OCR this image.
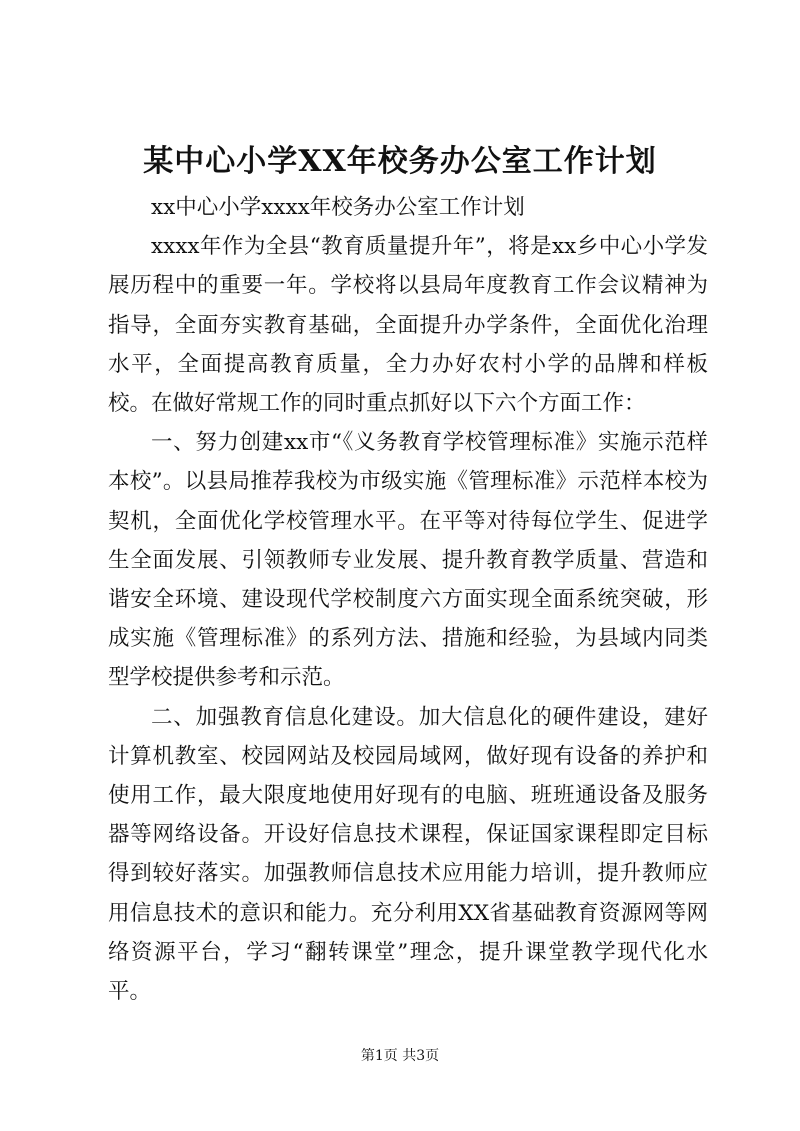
某中心小学XX年校务办公室工作计划

xx中心小学xxxx年校务办公室工作计划

xxxx年作为全县“教育质量提升年”，将是xx乡中心小学发展历程中的重要一年。学校将以县局年度教育工作会议精神为指导，全面夯实教育基础，全面提升办学条件，全面优化治理水平，全面提高教育质量，全力办好农村小学的品牌和样板校。在做好常规工作的同时重点抓好以下六个方面工作：

一、努力创建xx市“《义务教育学校管理标准》实施示范样本校”。以县局推荐我校为市级实施《管理标准》示范样本校为契机，全面优化学校管理水平。在平等对待每位学生、促进学生全面发展、引领教师专业发展、提升教育教学质量、营造和谐安全环境、建设现代学校制度六方面实现全面系统突破，形成实施《管理标准》的系列方法、措施和经验，为县域内同类型学校提供参考和示范。

二、加强教育信息化建设。加大信息化的硬件建设，建好计算机教室、校园网站及校园局域网，做好现有设备的养护和使用工作，最大限度地使用好现有的电脑、班班通设备及服务器等网络设备。开设好信息技术课程，保证国家课程即定目标得到较好落实。加强教师信息技术应用能力培训，提升教师应用信息技术的意识和能力。充分利用XX省基础教育资源网等网络资源平台，学习“翻转课堂”理念，提升课堂教学现代化水平。

第1页 共3页
